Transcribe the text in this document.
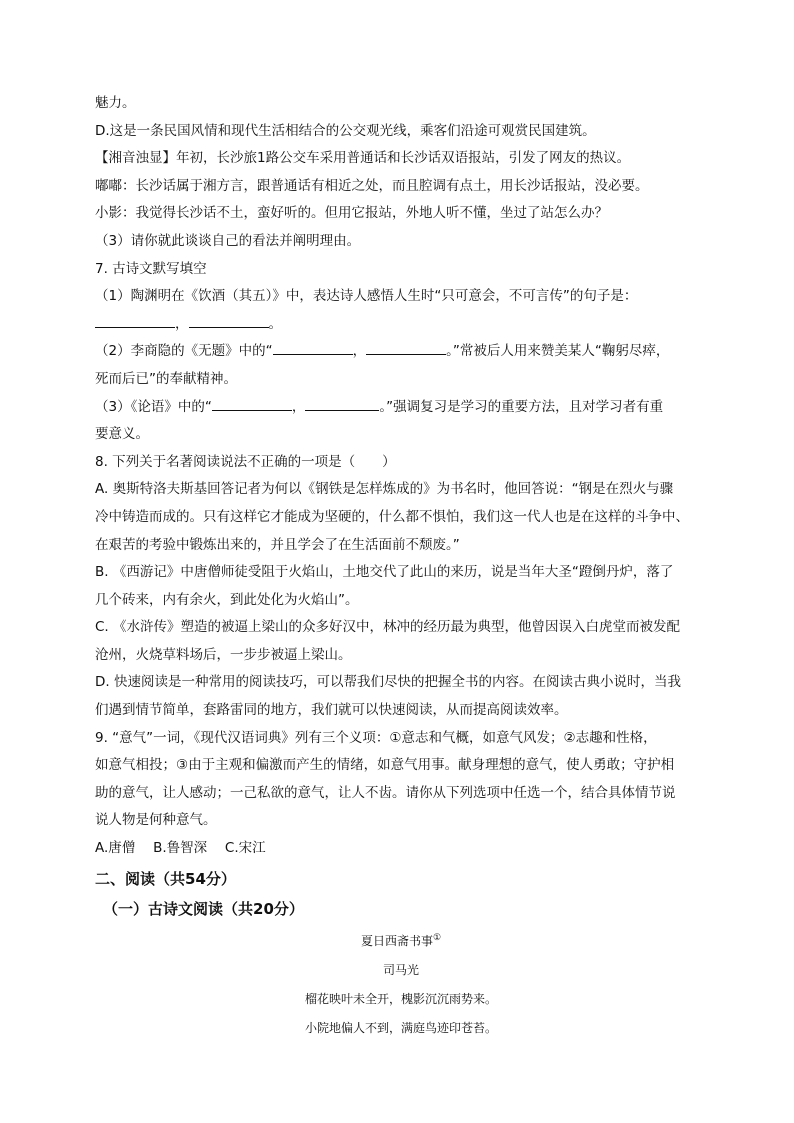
魅力。
D.这是一条民国风情和现代生活相结合的公交观光线，乘客们沿途可观赏民国建筑。
【湘音浊显】年初，长沙旅1路公交车采用普通话和长沙话双语报站，引发了网友的热议。
嘟嘟：长沙话属于湘方言，跟普通话有相近之处，而且腔调有点土，用长沙话报站，没必要。
小影：我觉得长沙话不土，蛮好听的。但用它报站，外地人听不懂，坐过了站怎么办？
（3）请你就此谈谈自己的看法并阐明理由。
7. 古诗文默写填空
（1）陶渊明在《饮酒（其五）》中，表达诗人感悟人生时“只可意会，不可言传”的句子是：
，	。
（2）李商隐的《无题》中的“	，	。”常被后人用来赞美某人“鞠躬尽瘁，
死而后已”的奉献精神。
（3）《论语》中的“	，	。”强调复习是学习的重要方法，且对学习者有重
要意义。
8. 下列关于名著阅读说法不正确的一项是（　　）
A. 奥斯特洛夫斯基回答记者为何以《钢铁是怎样炼成的》为书名时，他回答说：“钢是在烈火与骤
冷中铸造而成的。只有这样它才能成为坚硬的，什么都不惧怕，我们这一代人也是在这样的斗争中、
在艰苦的考验中锻炼出来的，并且学会了在生活面前不颓废。”
B. 《西游记》中唐僧师徒受阻于火焰山，土地交代了此山的来历，说是当年大圣“蹬倒丹炉，落了
几个砖来，内有余火，到此处化为火焰山”。
C. 《水浒传》塑造的被逼上梁山的众多好汉中，林冲的经历最为典型，他曾因误入白虎堂而被发配
沧州，火烧草料场后，一步步被逼上梁山。
D. 快速阅读是一种常用的阅读技巧，可以帮我们尽快的把握全书的内容。在阅读古典小说时，当我
们遇到情节简单，套路雷同的地方，我们就可以快速阅读，从而提高阅读效率。
9. “意气”一词，《现代汉语词典》列有三个义项：①意志和气概，如意气风发；②志趣和性格，
如意气相投；③由于主观和偏激而产生的情绪，如意气用事。献身理想的意气，使人勇敢；守护相
助的意气，让人感动；一己私欲的意气，让人不齿。请你从下列选项中任选一个，结合具体情节说
说人物是何种意气。
A.唐僧　 B.鲁智深　 C.宋江
二、阅读（共54分）
（一）古诗文阅读（共20分）
夏日西斋书事①
司马光
榴花映叶未全开，槐影沉沉雨势来。
小院地偏人不到，满庭鸟迹印苍苔。
